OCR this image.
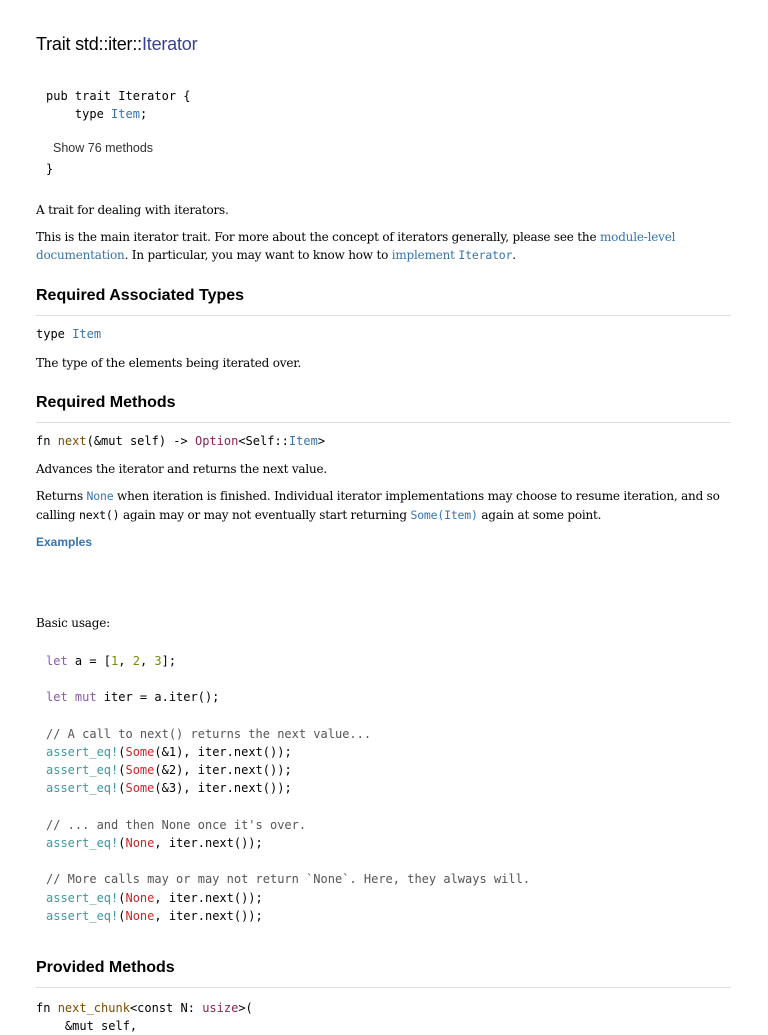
Trait std::iter::Iterator
pub trait Iterator {
type Item;
Show 76 methods
}

A trait for dealing with iterators.

This is the main iterator trait. For more about the concept of iterators generally, please see the module-level documentation. In particular, you may want to know how to implement Iterator.

Required Associated Types
type Item

The type of the elements being iterated over.

Required Methods
fn next(&mut self) -> Option<Self::Item>

Advances the iterator and returns the next value.

Returns None when iteration is finished. Individual iterator implementations may choose to resume iteration, and so calling next() again may or may not eventually start returning Some(Item) again at some point.

Examples

Basic usage:

let a = [1, 2, 3];

let mut iter = a.iter();

// A call to next() returns the next value...
assert_eq!(Some(&1), iter.next());
assert_eq!(Some(&2), iter.next());
assert_eq!(Some(&3), iter.next());

// ... and then None once it's over.
assert_eq!(None, iter.next());

// More calls may or may not return `None`. Here, they always will.
assert_eq!(None, iter.next());
assert_eq!(None, iter.next());
Provided Methods
fn next_chunk<const N: usize>(
&mut self,
